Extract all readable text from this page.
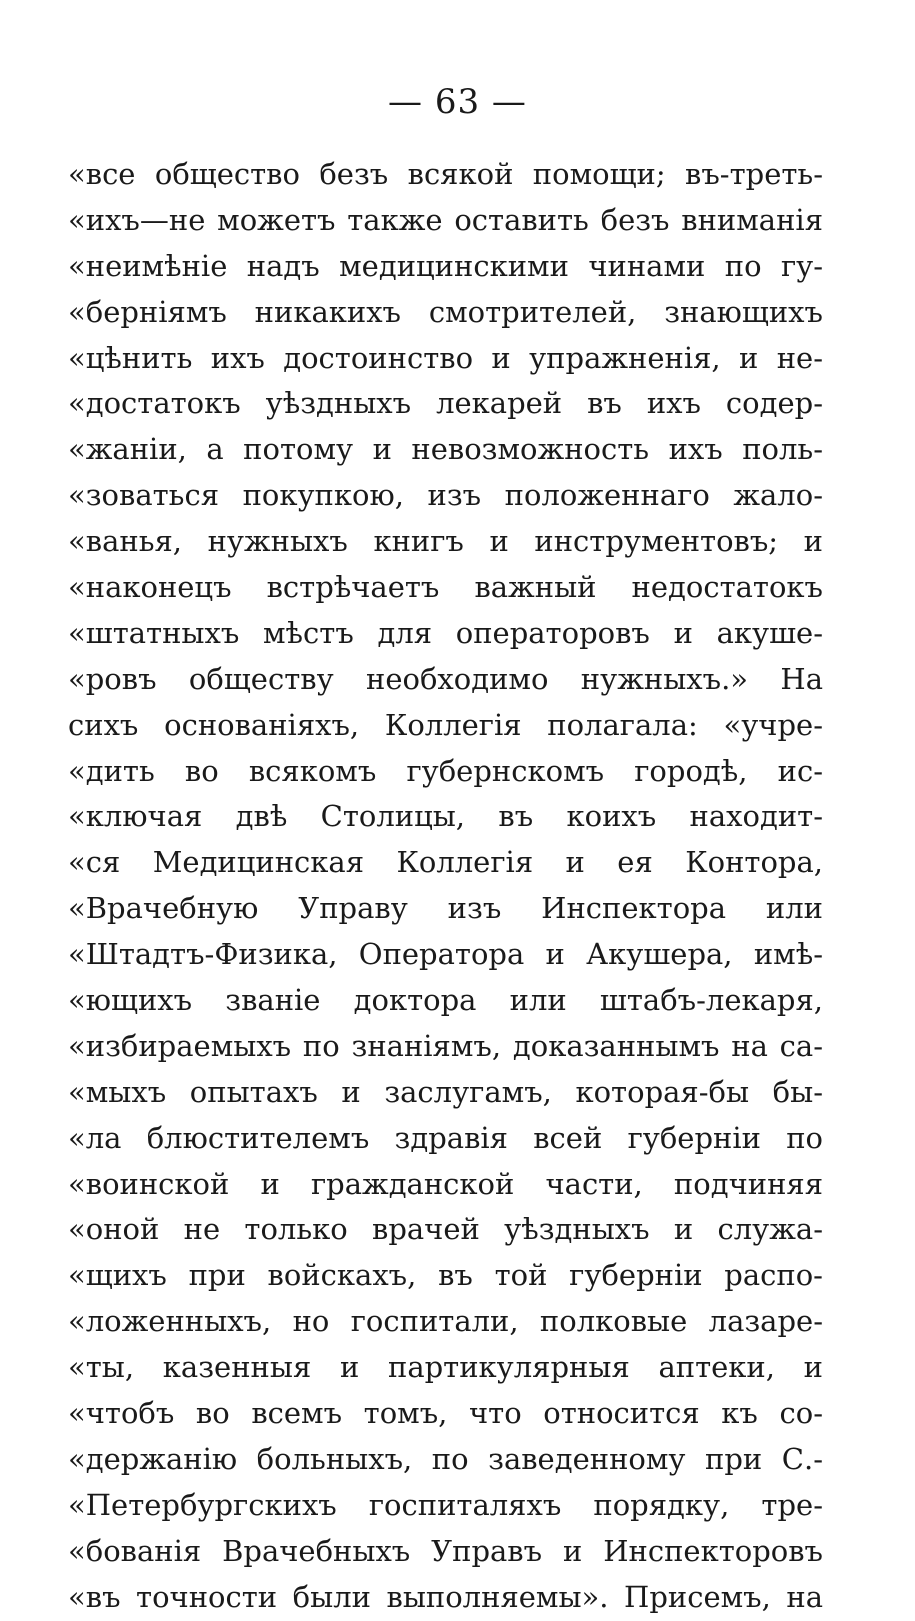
— 63 —
«все общество безъ всякой помощи; въ-треть-
«ихъ—не можетъ также оставить безъ вниманія
«неимѣніе надъ медицинскими чинами по гу-
«берніямъ никакихъ смотрителей, знающихъ
«цѣнить ихъ достоинство и упражненія, и не-
«достатокъ уѣздныхъ лекарей въ ихъ содер-
«жаніи, а потому и невозможность ихъ поль-
«зоваться покупкою, изъ положеннаго жало-
«ванья, нужныхъ книгъ и инструментовъ; и
«наконецъ встрѣчаетъ важный недостатокъ
«штатныхъ мѣстъ для операторовъ и акуше-
«ровъ обществу необходимо нужныхъ.» На
сихъ основаніяхъ, Коллегія полагала: «учре-
«дить во всякомъ губернскомъ городѣ, ис-
«ключая двѣ Столицы, въ коихъ находит-
«ся Медицинская Коллегія и ея Контора,
«Врачебную Управу изъ Инспектора или
«Штадтъ-Физика, Оператора и Акушера, имѣ-
«ющихъ званіе доктора или штабъ-лекаря,
«избираемыхъ по знаніямъ, доказаннымъ на са-
«мыхъ опытахъ и заслугамъ, которая-бы бы-
«ла блюстителемъ здравія всей губерніи по
«воинской и гражданской части, подчиняя
«оной не только врачей уѣздныхъ и служа-
«щихъ при войскахъ, въ той губерніи распо-
«ложенныхъ, но госпитали, полковые лазаре-
«ты, казенныя и партикулярныя аптеки, и
«чтобъ во всемъ томъ, что относится къ со-
«держанію больныхъ, по заведенному при С.-
«Петербургскихъ госпиталяхъ порядку, тре-
«бованія Врачебныхъ Управъ и Инспекторовъ
«въ точности были выполняемы». Присемъ, на
